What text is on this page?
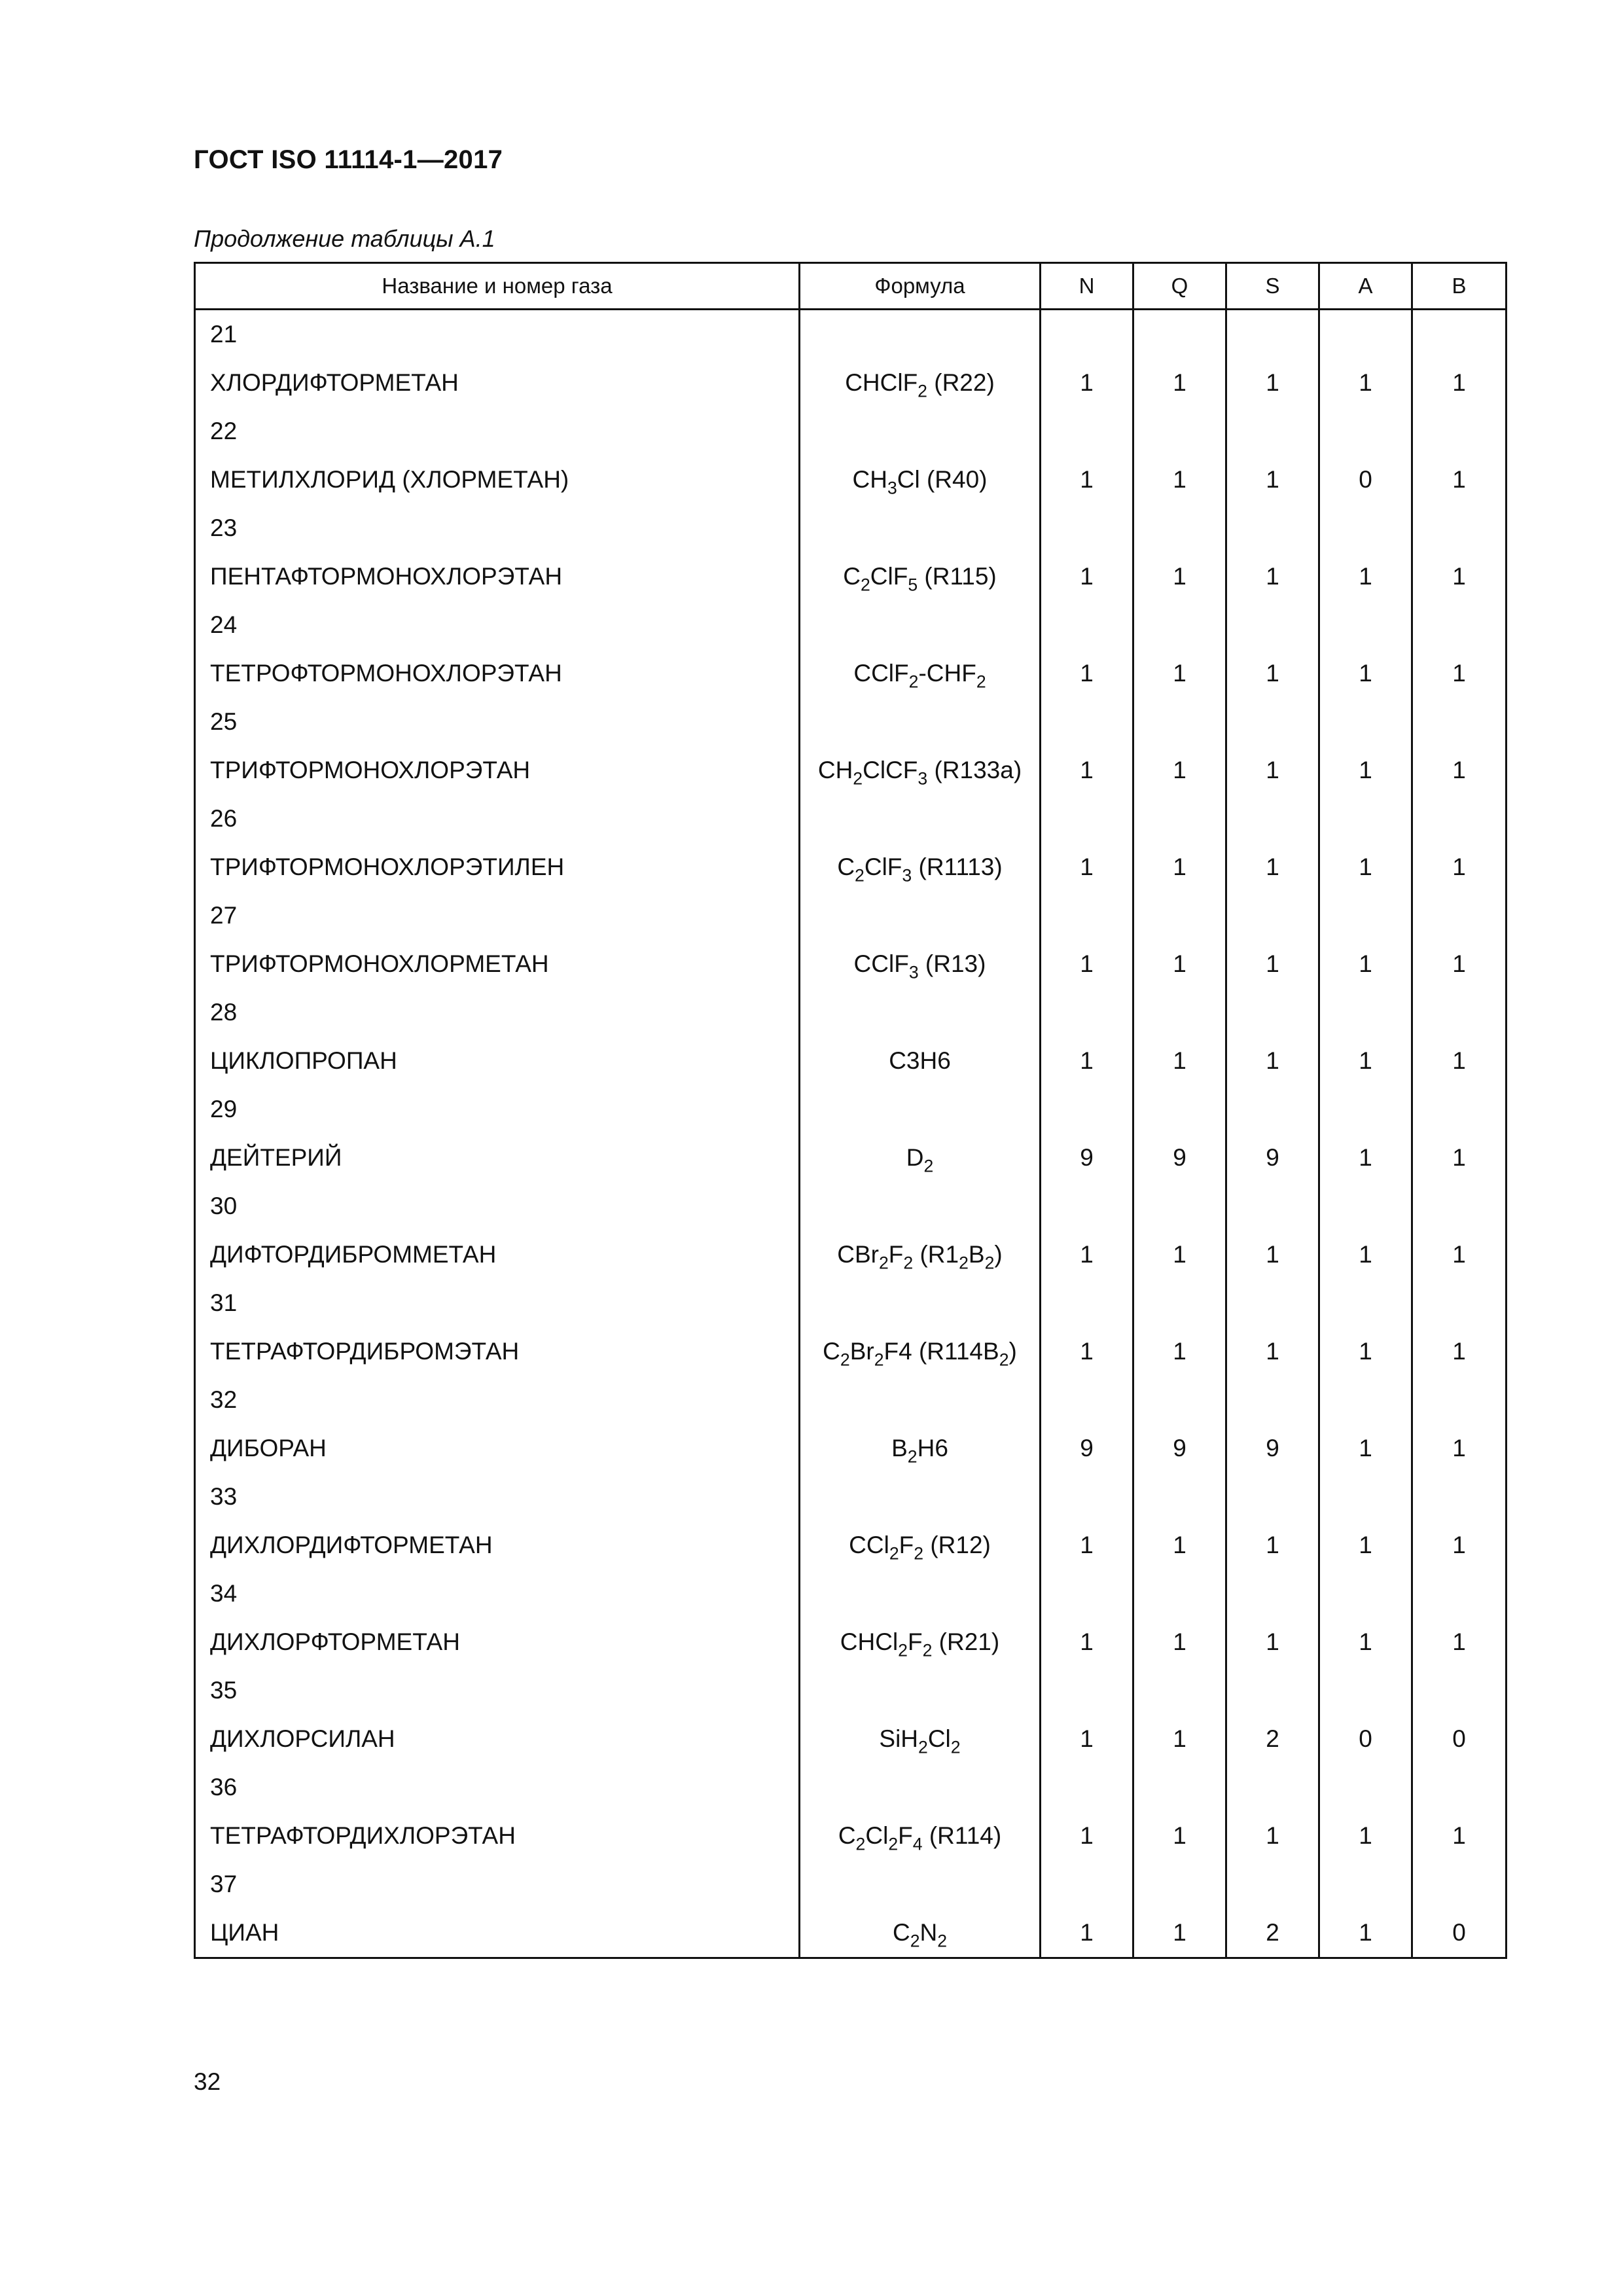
ГОСТ ISO 11114-1—2017
Продолжение таблицы А.1
Название и номер газа	Формула	N	Q	S	A	B
21						
ХЛОРДИФТОРМЕТАН	CHClF$_2$ (R22)	1	1	1	1	1
22						
МЕТИЛХЛОРИД (ХЛОРМЕТАН)	$CH_3Cl$ (R40)	1	1	1	0	1
23						
ПЕНТАФТОРМОНОХЛОРЭТАН	$C_2ClF_5$ (R115)	1	1	1	1	1
24						
ТЕТРОФТОРМОНОХЛОРЭТАН	$CClF_2-CHF_2$	1	1	1	1	1
25						
ТРИФТОРМОНОХЛОРЭТАН	$CH_2ClCF_3$ (R133a)	1	1	1	1	1
26						
ТРИФТОРМОНОХЛОРЭТИЛЕН	$C_2ClF_3$ (R1113)	1	1	1	1	1
27						
ТРИФТОРМОНОХЛОРМЕТАН	CClF$_3$ (R13)	1	1	1	1	1
28						
ЦИКЛОПРОПАН	C3H6	1	1	1	1	1
29						
ДЕЙТЕРИЙ	$D_2$	9	9	9	1	1
30						
ДИФТОРДИБРОММЕТАН	$CBr_2F_2$ $(R1_2B_2)$	1	1	1	1	1
31						
ТЕТРАФТОРДИБРОМЭТАН	$C_2Br_2F4$ $(R114B_2)$	1	1	1	1	1
32						
ДИБОРАН	$B_2H6$	9	9	9	1	1
33						
ДИХЛОРДИФТОРМЕТАН	$CCl_2F_2$ (R12)	1	1	1	1	1
34						
ДИХЛОРФТОРМЕТАН	$CHCl_2F_2$ (R21)	1	1	1	1	1
35						
ДИХЛОРСИЛАН	$SiH_2Cl_2$	1	1	2	0	0
36						
ТЕТРАФТОРДИХЛОРЭТАН	$C_2Cl_2F_4$ (R114)	1	1	1	1	1
37						
ЦИАН	$C_2N_2$	1	1	2	1	0
32
